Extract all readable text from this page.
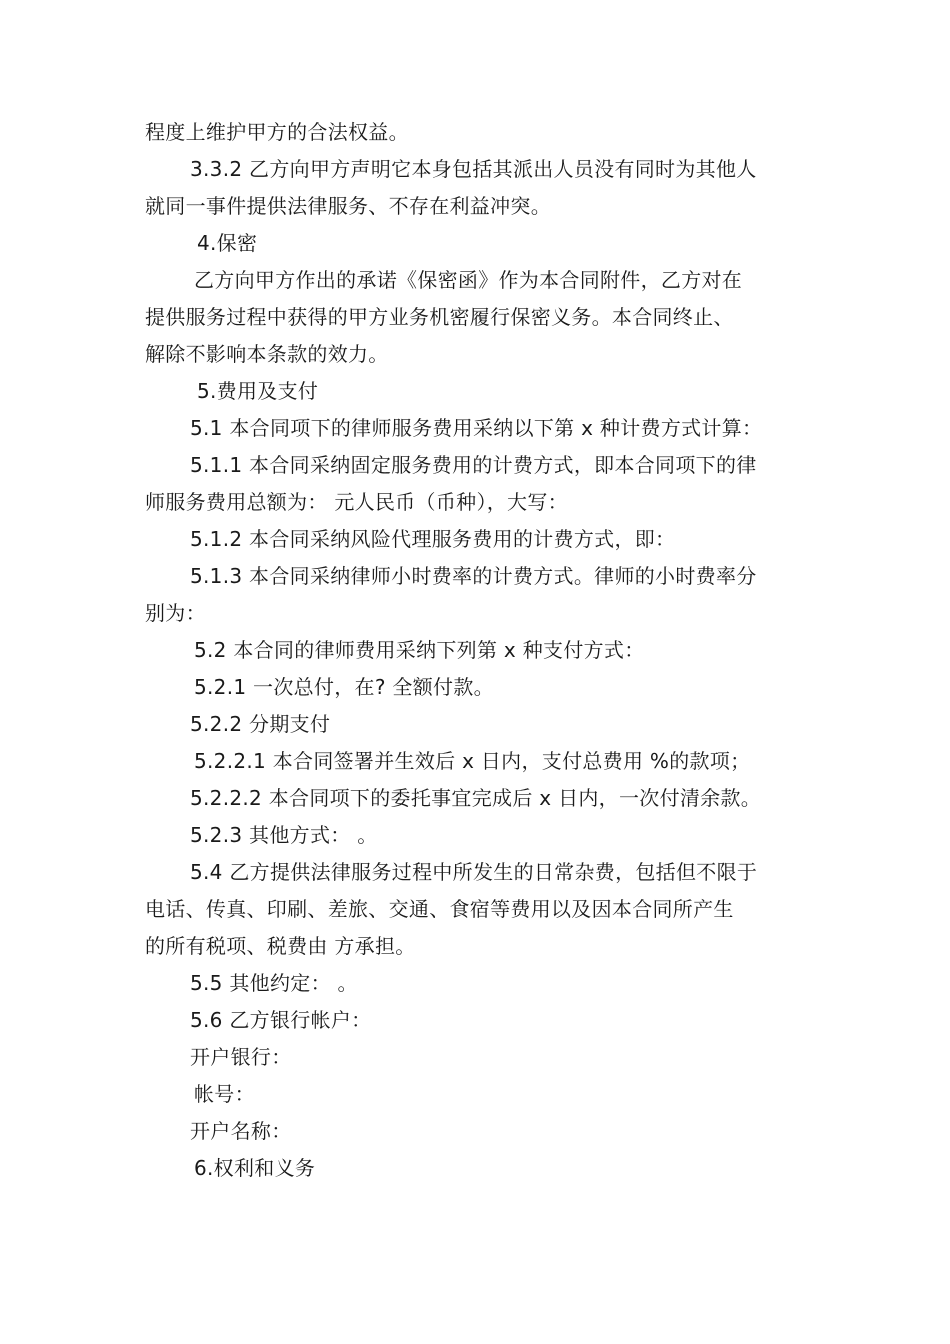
程度上维护甲方的合法权益。
3.3.2 乙方向甲方声明它本身包括其派出人员没有同时为其他人
就同一事件提供法律服务、不存在利益冲突。
4.保密
乙方向甲方作出的承诺《保密函》作为本合同附件，乙方对在
提供服务过程中获得的甲方业务机密履行保密义务。本合同终止、
解除不影响本条款的效力。
5.费用及支付
5.1 本合同项下的律师服务费用采纳以下第 x 种计费方式计算：
5.1.1 本合同采纳固定服务费用的计费方式，即本合同项下的律
师服务费用总额为： 元人民币（币种），大写：
5.1.2 本合同采纳风险代理服务费用的计费方式，即：
5.1.3 本合同采纳律师小时费率的计费方式。律师的小时费率分
别为：
5.2 本合同的律师费用采纳下列第 x 种支付方式：
5.2.1 一次总付，在? 全额付款。
5.2.2 分期支付
5.2.2.1 本合同签署并生效后 x 日内，支付总费用 %的款项；
5.2.2.2 本合同项下的委托事宜完成后 x 日内，一次付清余款。
5.2.3 其他方式： 。
5.4 乙方提供法律服务过程中所发生的日常杂费，包括但不限于
电话、传真、印刷、差旅、交通、食宿等费用以及因本合同所产生
的所有税项、税费由 方承担。
5.5 其他约定： 。
5.6 乙方银行帐户：
开户银行：
帐号：
开户名称：
6.权利和义务
